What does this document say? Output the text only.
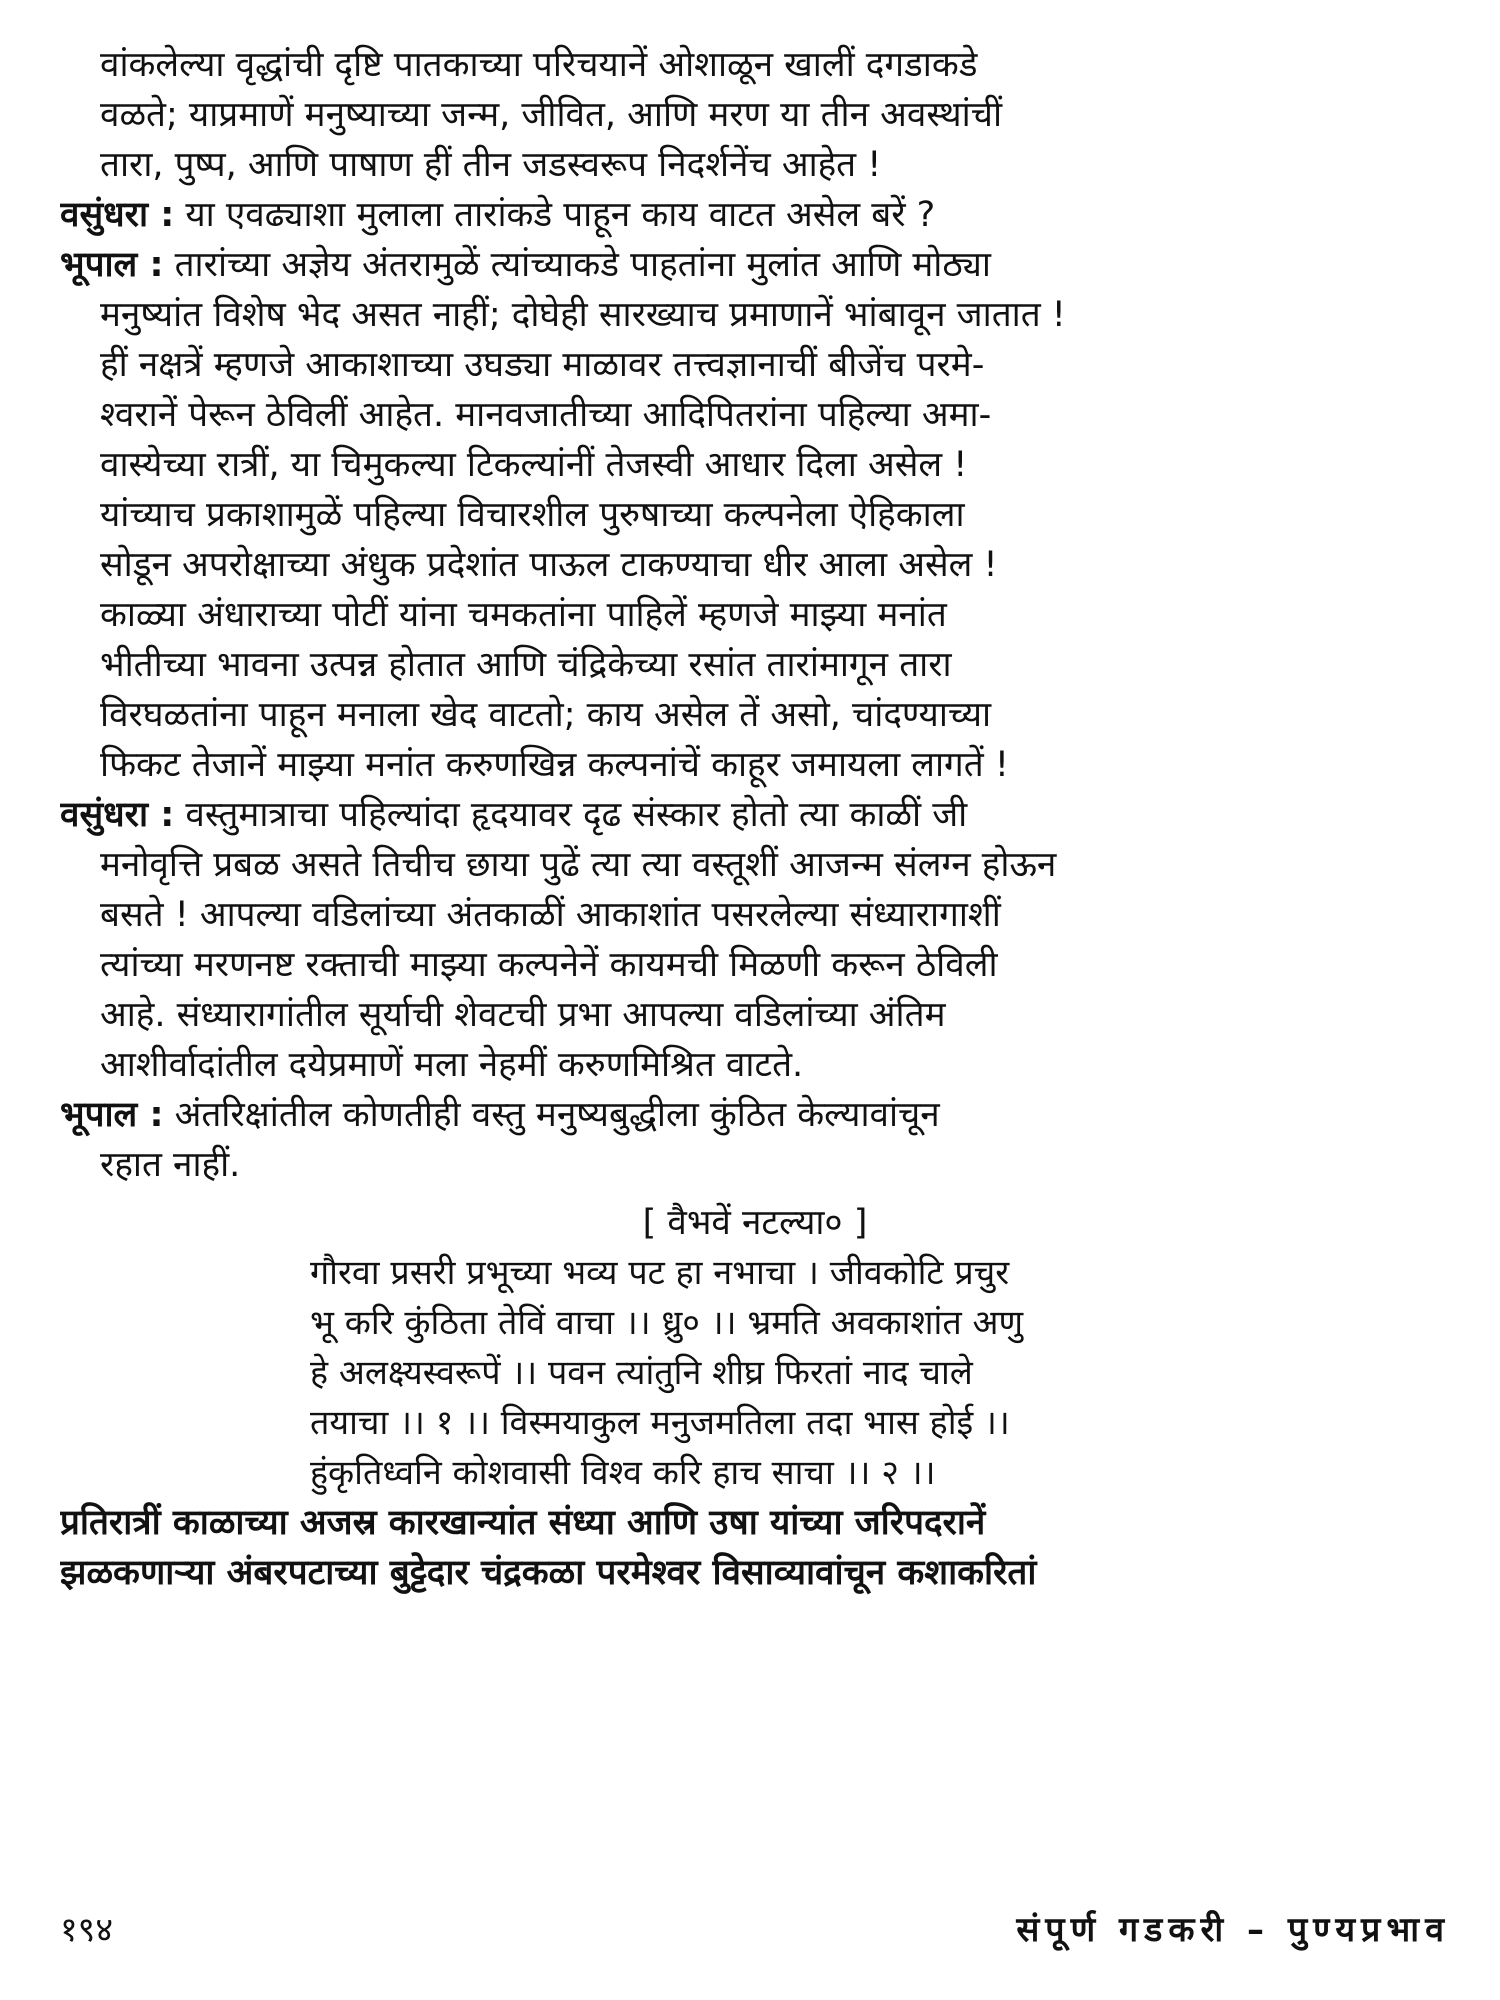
वांकलेल्या वृद्धांची दृष्टि पातकाच्या परिचयानें ओशाळून खालीं दगडाकडे
वळते; याप्रमाणें मनुष्याच्या जन्म, जीवित, आणि मरण या तीन अवस्थांचीं
तारा, पुष्प, आणि पाषाण हीं तीन जडस्वरूप निदर्शनेंच आहेत !
वसुंधरा : या एवढ्याशा मुलाला तारांकडे पाहून काय वाटत असेल बरें ?
भूपाल : तारांच्या अज्ञेय अंतरामुळें त्यांच्याकडे पाहतांना मुलांत आणि मोठ्या
मनुष्यांत विशेष भेद असत नाहीं; दोघेही सारख्याच प्रमाणानें भांबावून जातात !
हीं नक्षत्रें म्हणजे आकाशाच्या उघड्या माळावर तत्त्वज्ञानाचीं बीजेंच परमे-
श्वरानें पेरून ठेविलीं आहेत. मानवजातीच्या आदिपितरांना पहिल्या अमा-
वास्येच्या रात्रीं, या चिमुकल्या टिकल्यांनीं तेजस्वी आधार दिला असेल !
यांच्याच प्रकाशामुळें पहिल्या विचारशील पुरुषाच्या कल्पनेला ऐहिकाला
सोडून अपरोक्षाच्या अंधुक प्रदेशांत पाऊल टाकण्याचा धीर आला असेल !
काळ्या अंधाराच्या पोटीं यांना चमकतांना पाहिलें म्हणजे माझ्या मनांत
भीतीच्या भावना उत्पन्न होतात आणि चंद्रिकेच्या रसांत तारांमागून तारा
विरघळतांना पाहून मनाला खेद वाटतो; काय असेल तें असो, चांदण्याच्या
फिकट तेजानें माझ्या मनांत करुणखिन्न कल्पनांचें काहूर जमायला लागतें !
वसुंधरा : वस्तुमात्राचा पहिल्यांदा हृदयावर दृढ संस्कार होतो त्या काळीं जी
मनोवृत्ति प्रबळ असते तिचीच छाया पुढें त्या त्या वस्तूशीं आजन्म संलग्न होऊन
बसते ! आपल्या वडिलांच्या अंतकाळीं आकाशांत पसरलेल्या संध्यारागाशीं
त्यांच्या मरणनष्ट रक्ताची माझ्या कल्पनेनें कायमची मिळणी करून ठेविली
आहे. संध्यारागांतील सूर्याची शेवटची प्रभा आपल्या वडिलांच्या अंतिम
आशीर्वादांतील दयेप्रमाणें मला नेहमीं करुणमिश्रित वाटते.
भूपाल : अंतरिक्षांतील कोणतीही वस्तु मनुष्यबुद्धीला कुंठित केल्यावांचून
रहात नाहीं.
[ वैभवें नटल्या० ]
गौरवा प्रसरी प्रभूच्या भव्य पट हा नभाचा । जीवकोटि प्रचुर
भू करि कुंठिता तेविं वाचा ।। ध्रु० ।। भ्रमति अवकाशांत अणु
हे अलक्ष्यस्वरूपें ।। पवन त्यांतुनि शीघ्र फिरतां नाद चाले
तयाचा ।। १ ।। विस्मयाकुल मनुजमतिला तदा भास होई ।।
हुंकृतिध्वनि कोशवासी विश्व करि हाच साचा ।। २ ।।
प्रतिरात्रीं काळाच्या अजस्र कारखान्यांत संध्या आणि उषा यांच्या जरिपदरानें
झळकणाऱ्या अंबरपटाच्या बुट्टेदार चंद्रकळा परमेश्वर विसाव्यावांचून कशाकरितां
१९४	संपूर्ण गडकरी – पुण्यप्रभाव
